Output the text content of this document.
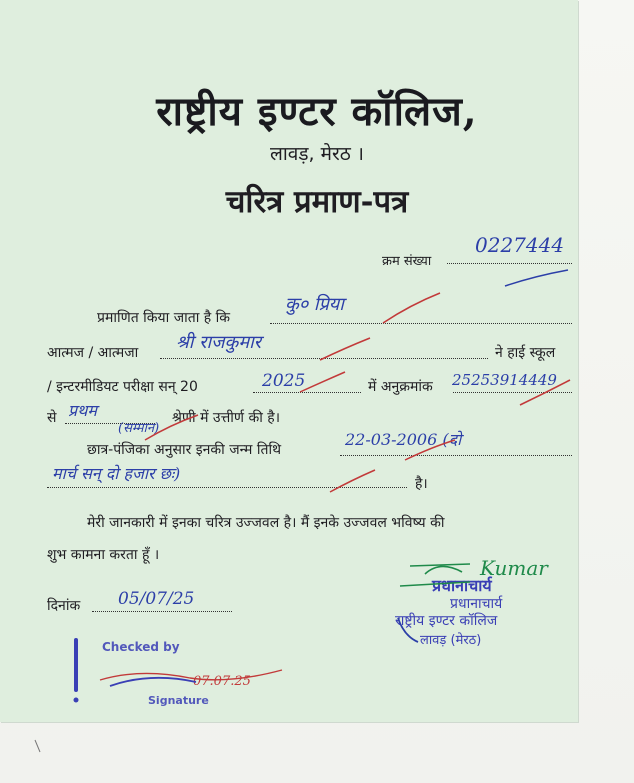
राष्ट्रीय इण्टर कॉलिज,
लावड़, मेरठ ।
चरित्र प्रमाण-पत्र
क्रम संख्या
0227444
प्रमाणित किया जाता है कि
कु० प्रिया
आत्मज / आत्मजा श्री राजकुमार	ने हाई स्कूल
/ इन्टरमीडियट परीक्षा सन् 20	2025	में अनुक्रमांक 25253914449
से प्रथम
(सम्मान)
श्रेणी में उत्तीर्ण की है।
छात्र-पंजिका अनुसार इनकी जन्म तिथि
22-03-2006 (दो
मार्च सन् दो हजार छः)
है।
मेरी जानकारी में इनका चरित्र उज्जवल है। मैं इनके उज्जवल भविष्य की
शुभ कामना करता हूँ ।
दिनांक 05/07/25
Kumar
प्रधानाचार्य
प्रधानाचार्य
राष्ट्रीय इण्टर कॉलिज
लावड़ (मेरठ)
Checked by
Signature
07.07.25
